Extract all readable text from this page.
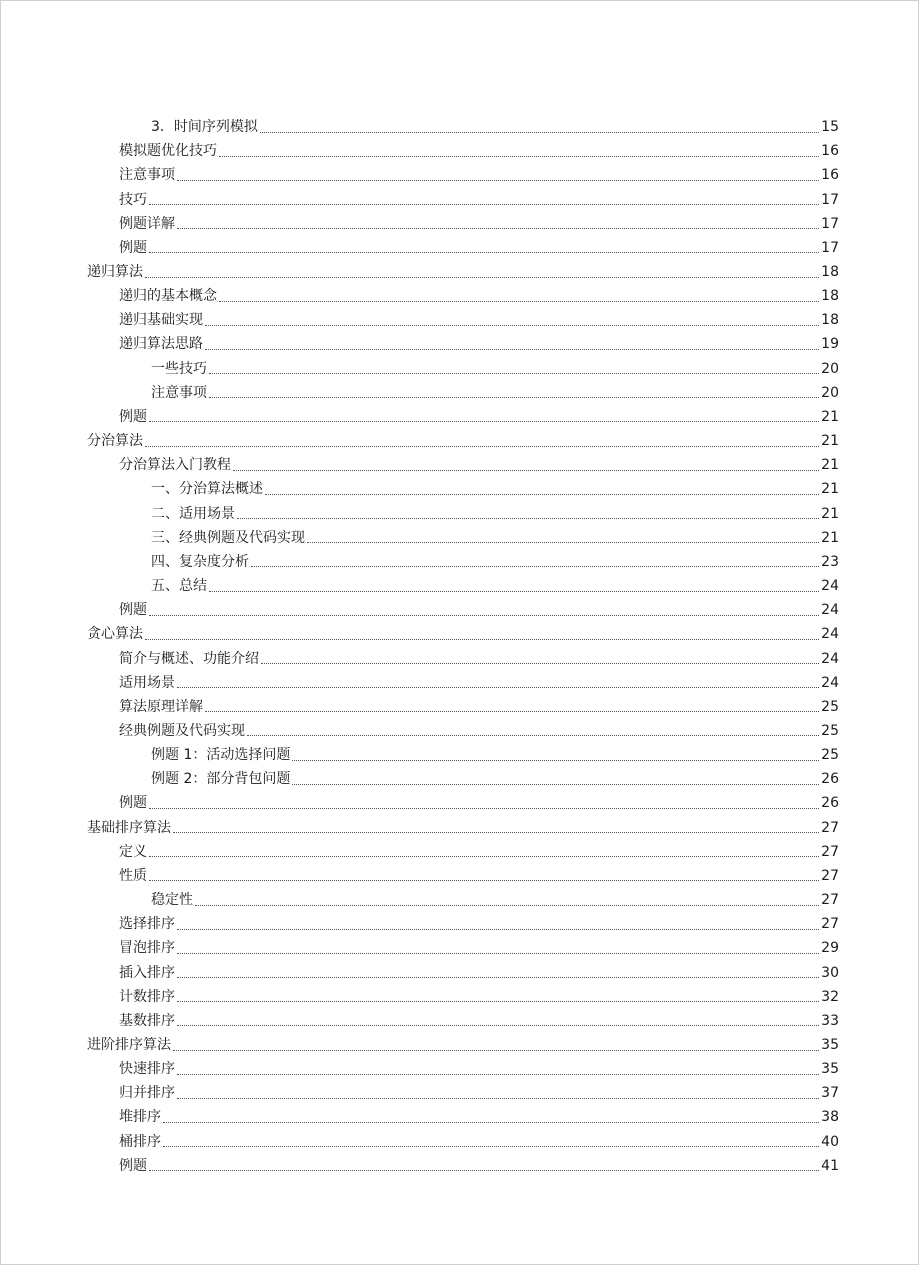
3．时间序列模拟	15
模拟题优化技巧	16
注意事项	16
技巧	17
例题详解	17
例题	17
递归算法	18
递归的基本概念	18
递归基础实现	18
递归算法思路	19
一些技巧	20
注意事项	20
例题	21
分治算法	21
分治算法入门教程	21
一、分治算法概述	21
二、适用场景	21
三、经典例题及代码实现	21
四、复杂度分析	23
五、总结	24
例题	24
贪心算法	24
简介与概述、功能介绍	24
适用场景	24
算法原理详解	25
经典例题及代码实现	25
例题 1：活动选择问题	25
例题 2：部分背包问题	26
例题	26
基础排序算法	27
定义	27
性质	27
稳定性	27
选择排序	27
冒泡排序	29
插入排序	30
计数排序	32
基数排序	33
进阶排序算法	35
快速排序	35
归并排序	37
堆排序	38
桶排序	40
例题	41
